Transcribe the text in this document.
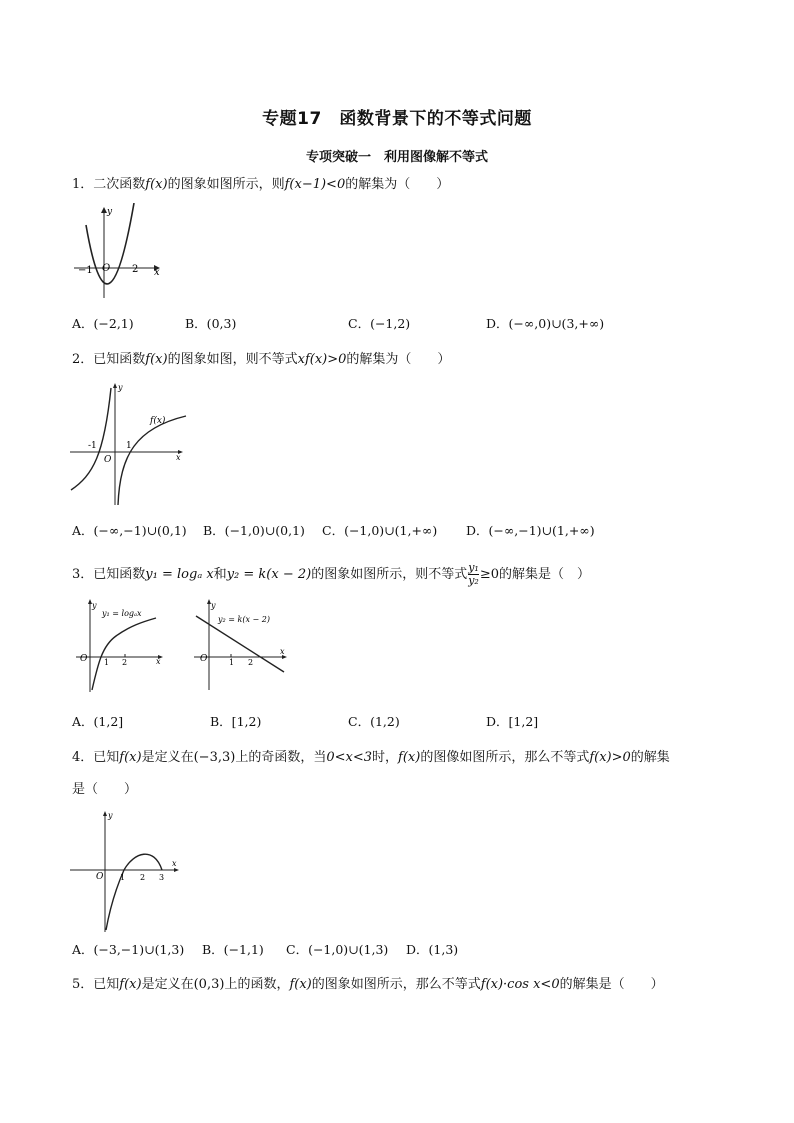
专题17　函数背景下的不等式问题
专项突破一　利用图像解不等式
1．二次函数f(x)的图象如图所示，则f(x−1)<0的解集为（　　）
y
x
−1 O 2
A．(−2,1)	B．(0,3)	C．(−1,2)	D．(−∞,0)∪(3,+∞)
2．已知函数f(x)的图象如图，则不等式xf(x)>0的解集为（　　）
y
x
-1	1
O
f(x)
A．(−∞,−1)∪(0,1) B．(−1,0)∪(0,1) C．(−1,0)∪(1,+∞) D．(−∞,−1)∪(1,+∞)
3．已知函数y₁ = logₐ x和y₂ = k(x − 2)的图象如图所示，则不等式 $\frac{\text{y₁}}{\text{y₂}} \ge 0$的解集是（　）
y
x
O 1 2
y₁ = logₐx
y
x
O	1 2
y₂ = k(x − 2)
A．(1,2]	B．[1,2)	C．(1,2)	D．[1,2]
4．已知f(x)是定义在(−3,3)上的奇函数，当0<x<3时，f(x)的图像如图所示，那么不等式f(x)>0的解集
是（　　）
y
x
O 1 2 3
A．(−3,−1)∪(1,3) B．(−1,1) C．(−1,0)∪(1,3) D．(1,3)
5．已知f(x)是定义在(0,3)上的函数，f(x)的图象如图所示，那么不等式f(x)·cos x<0的解集是（　　）
